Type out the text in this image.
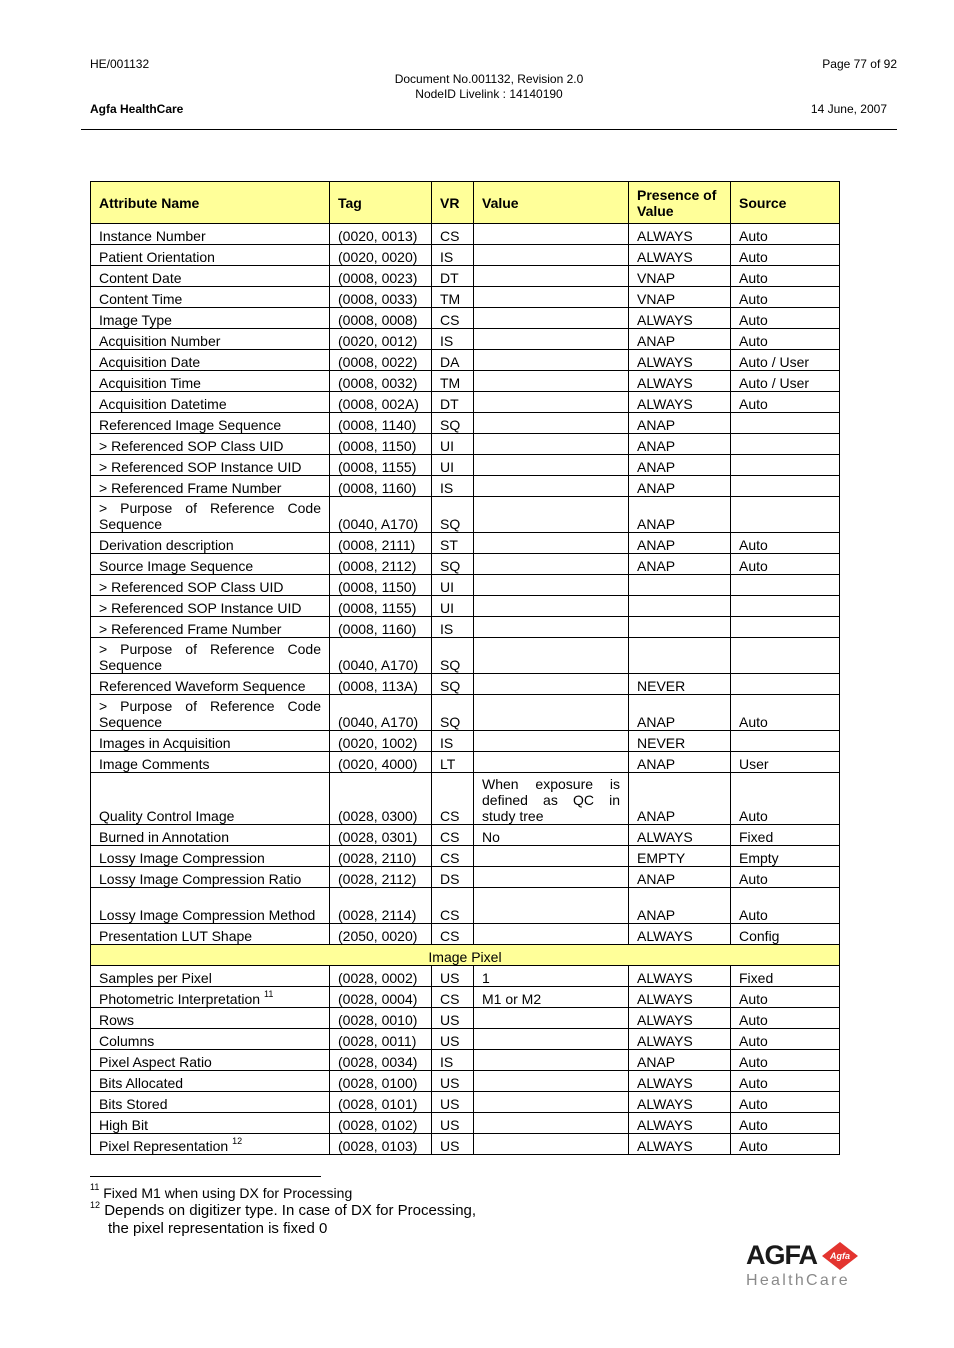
HE/001132	Page 77 of 92
Document No.001132, Revision 2.0
NodeID Livelink : 14140190
Agfa HealthCare	14 June, 2007
Attribute Name	Tag	VR	Value	Presence of Value	Source
Instance Number	(0020, 0013)	CS		ALWAYS	Auto
Patient Orientation	(0020, 0020)	IS		ALWAYS	Auto
Content Date	(0008, 0023)	DT		VNAP	Auto
Content Time	(0008, 0033)	TM		VNAP	Auto
Image Type	(0008, 0008)	CS		ALWAYS	Auto
Acquisition Number	(0020, 0012)	IS		ANAP	Auto
Acquisition Date	(0008, 0022)	DA		ALWAYS	Auto / User
Acquisition Time	(0008, 0032)	TM		ALWAYS	Auto / User
Acquisition Datetime	(0008, 002A)	DT		ALWAYS	Auto
Referenced Image Sequence	(0008, 1140)	SQ		ANAP	
> Referenced SOP Class UID	(0008, 1150)	UI		ANAP	
> Referenced SOP Instance UID	(0008, 1155)	UI		ANAP	
> Referenced Frame Number	(0008, 1160)	IS		ANAP	
> Purpose of Reference Code Sequence	(0040, A170)	SQ		ANAP	
Derivation description	(0008, 2111)	ST		ANAP	Auto
Source Image Sequence	(0008, 2112)	SQ		ANAP	Auto
> Referenced SOP Class UID	(0008, 1150)	UI			
> Referenced SOP Instance UID	(0008, 1155)	UI			
> Referenced Frame Number	(0008, 1160)	IS			
> Purpose of Reference Code Sequence	(0040, A170)	SQ			
Referenced Waveform Sequence	(0008, 113A)	SQ		NEVER	
> Purpose of Reference Code Sequence	(0040, A170)	SQ		ANAP	Auto
Images in Acquisition	(0020, 1002)	IS		NEVER	
Image Comments	(0020, 4000)	LT		ANAP	User
Quality Control Image	(0028, 0300)	CS	When exposure is defined as QC in study tree	ANAP	Auto
Burned in Annotation	(0028, 0301)	CS	No	ALWAYS	Fixed
Lossy Image Compression	(0028, 2110)	CS		EMPTY	Empty
Lossy Image Compression Ratio	(0028, 2112)	DS		ANAP	Auto
Lossy Image Compression Method	(0028, 2114)	CS		ANAP	Auto
Presentation LUT Shape	(2050, 0020)	CS		ALWAYS	Config
Image Pixel					
Samples per Pixel	(0028, 0002)	US	1	ALWAYS	Fixed
Photometric Interpretation $^{11}$	(0028, 0004)	CS	M1 or M2	ALWAYS	Auto
Rows	(0028, 0010)	US		ALWAYS	Auto
Columns	(0028, 0011)	US		ALWAYS	Auto
Pixel Aspect Ratio	(0028, 0034)	IS		ANAP	Auto
Bits Allocated	(0028, 0100)	US		ALWAYS	Auto
Bits Stored	(0028, 0101)	US		ALWAYS	Auto
High Bit	(0028, 0102)	US		ALWAYS	Auto
Pixel Representation $^{12}$	(0028, 0103)	US		ALWAYS	Auto
$^{11}$ Fixed M1 when using DX for Processing
$^{12}$ Depends on digitizer type. In case of DX for Processing,
the pixel representation is fixed 0
AGFA Agfa
HealthCare
